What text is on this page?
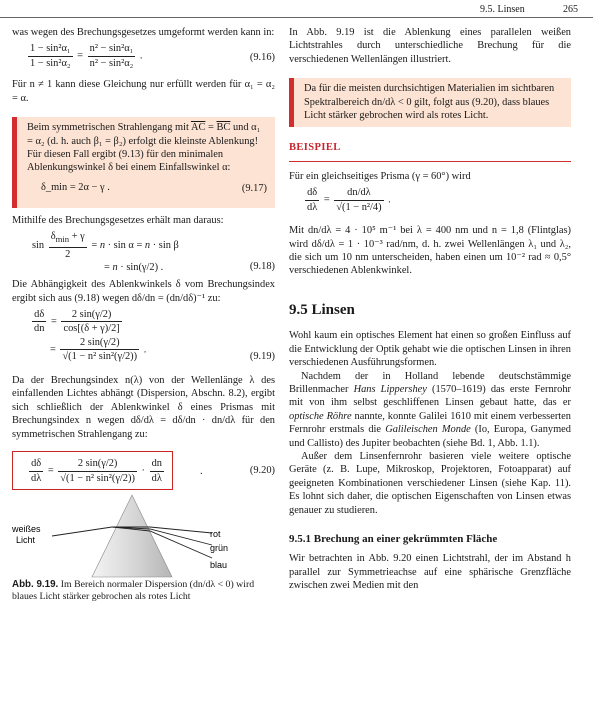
9.5. Linsen	265

was wegen des Brechungsgesetzes umgeformt werden kann in:

$\frac{\text{1 − sin²α₁}}{\text{1 − sin²α₂}} = \frac{\text{n² − sin²α₁}}{\text{n² − sin²α₂}}$ .	(9.16)

Für n ≠ 1 kann diese Gleichung nur erfüllt werden für α₁ = α₂ = α.

Beim symmetrischen Strahlengang mit $\overline{AC} = \overline{BC}$ und α₁ = α₂ (d. h. auch β₁ = β₂) erfolgt die kleinste Ablenkung! Für diesen Fall ergibt (9.13) für den minimalen Ablenkungswinkel δ bei einem Einfallswinkel α:

δ_min = 2α − γ .	(9.17)

Mithilfe des Brechungsgesetzes erhält man daraus:

$\sin \frac{\delta_{min} + \gamma}{2} = n \cdot \sin \alpha = n \cdot \sin \beta$
= n · sin(γ/2) .	(9.18)

Die Abhängigkeit des Ablenkwinkels δ vom Brechungsindex ergibt sich aus (9.18) wegen dδ/dn = (dn/dδ)⁻¹ zu:

$\frac{d\delta}{dn} = \frac{2 \sin(\gamma/2)}{\cos[(\delta + \gamma)/2]}$
= $\frac{2 \sin(\gamma/2)}{\text{√(1 − n² sin²(γ/2))}}$ .
(9.19)

Da der Brechungsindex n(λ) von der Wellenlänge λ des einfallenden Lichtes abhängt (Dispersion, Abschn. 8.2), ergibt sich schließlich der Ablenkwinkel δ eines Prismas mit Brechungsindex n wegen dδ/dλ = dδ/dn · dn/dλ für den symmetrischen Strahlengang zu:

$\frac{d\delta}{d\lambda} = \frac{2 \sin(\gamma/2)}{\text{√(1 − n² sin²(γ/2))}} \cdot \frac{dn}{d\lambda}$	.	(9.20)
weißes
Licht
rot
grün
blau

Abb. 9.19. Im Bereich normaler Dispersion (dn/dλ < 0) wird blaues Licht stärker gebrochen als rotes Licht

In Abb. 9.19 ist die Ablenkung eines parallelen weißen Lichtstrahles durch unterschiedliche Brechung für die verschiedenen Wellenlängen illustriert.

Da für die meisten durchsichtigen Materialien im sichtbaren Spektralbereich dn/dλ < 0 gilt, folgt aus (9.20), dass blaues Licht stärker gebrochen wird als rotes Licht.

BEISPIEL

Für ein gleichseitiges Prisma (γ = 60°) wird

$\frac{d\delta}{d\lambda} = \frac{dn/d\lambda}{\text{√(1 − n²/4)}}$ .

Mit dn/dλ = 4 · 10⁵ m⁻¹ bei λ = 400 nm und n = 1,8 (Flintglas) wird dδ/dλ = 1 · 10⁻³ rad/nm, d. h. zwei Wellenlängen λ₁ und λ₂, die sich um 10 nm unterscheiden, haben einen um 10⁻² rad ≈ 0,5° verschiedenen Ablenkwinkel.

9.5 Linsen

Wohl kaum ein optisches Element hat einen so großen Einfluss auf die Entwicklung der Optik gehabt wie die optischen Linsen in ihren verschiedenen Ausführungsformen.

Nachdem der in Holland lebende deutschstämmige Brillenmacher Hans Lippershey (1570–1619) das erste Fernrohr mit von ihm selbst geschliffenen Linsen gebaut hatte, das er optische Röhre nannte, konnte Galilei 1610 mit einem verbesserten Fernrohr erstmals die Galileischen Monde (Io, Europa, Ganymed und Callisto) des Jupiter beobachten (siehe Bd. 1, Abb. 1.1).

Außer dem Linsenfernrohr basieren viele weitere optische Geräte (z. B. Lupe, Mikroskop, Projektoren, Fotoapparat) auf geeigneten Kombinationen verschiedener Linsen (siehe Kap. 11). Es lohnt sich daher, die optischen Eigenschaften von Linsen etwas genauer zu studieren.

9.5.1 Brechung an einer gekrümmten Fläche

Wir betrachten in Abb. 9.20 einen Lichtstrahl, der im Abstand h parallel zur Symmetrieachse auf eine sphärische Grenzfläche zwischen zwei Medien mit den
